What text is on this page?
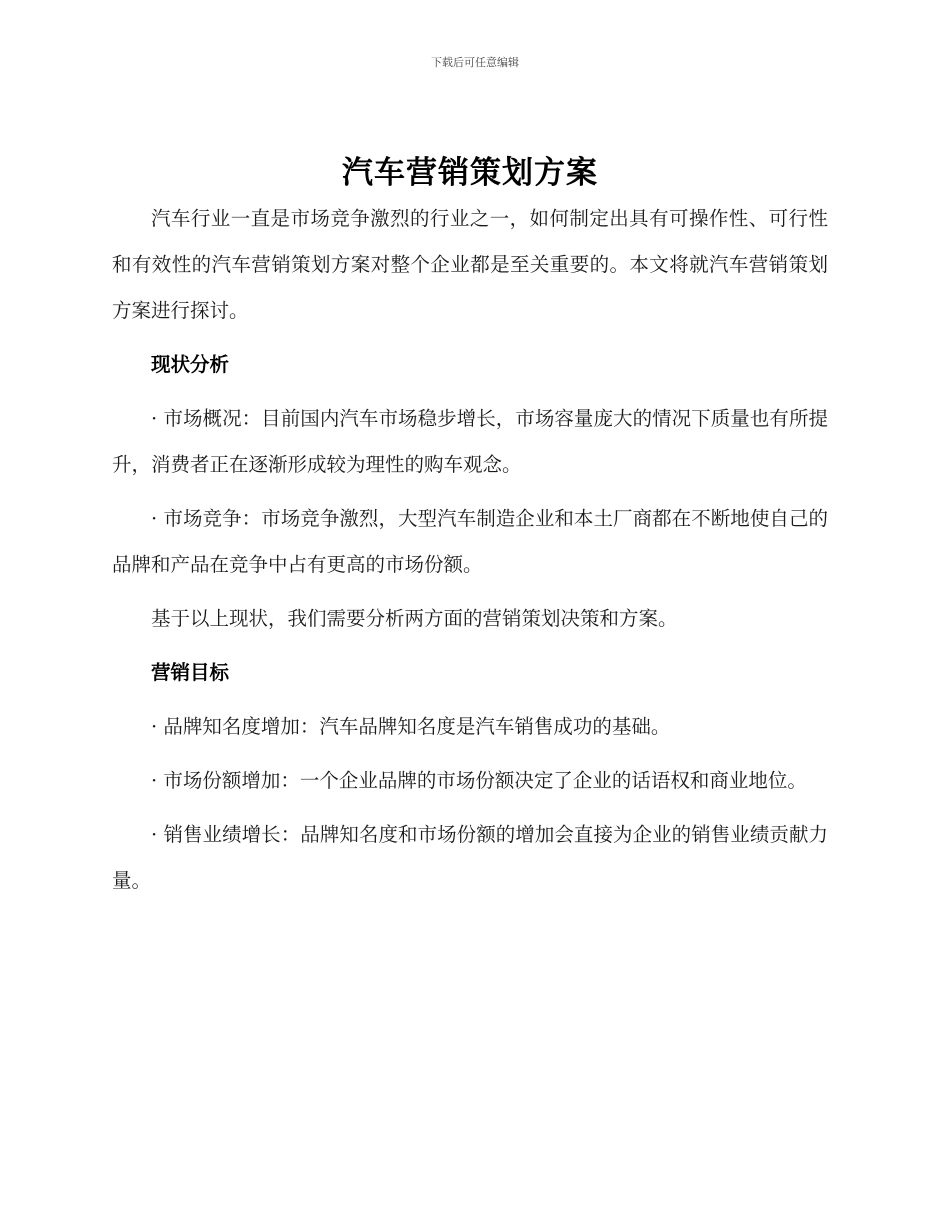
下载后可任意编辑
汽车营销策划方案

汽车行业一直是市场竞争激烈的行业之一，如何制定出具有可操作性、可行性和有效性的汽车营销策划方案对整个企业都是至关重要的。本文将就汽车营销策划方案进行探讨。

现状分析

· 市场概况：目前国内汽车市场稳步增长，市场容量庞大的情况下质量也有所提升，消费者正在逐渐形成较为理性的购车观念。

· 市场竞争：市场竞争激烈，大型汽车制造企业和本土厂商都在不断地使自己的品牌和产品在竞争中占有更高的市场份额。

基于以上现状，我们需要分析两方面的营销策划决策和方案。

营销目标

· 品牌知名度增加：汽车品牌知名度是汽车销售成功的基础。

· 市场份额增加：一个企业品牌的市场份额决定了企业的话语权和商业地位。

· 销售业绩增长：品牌知名度和市场份额的增加会直接为企业的销售业绩贡献力量。
